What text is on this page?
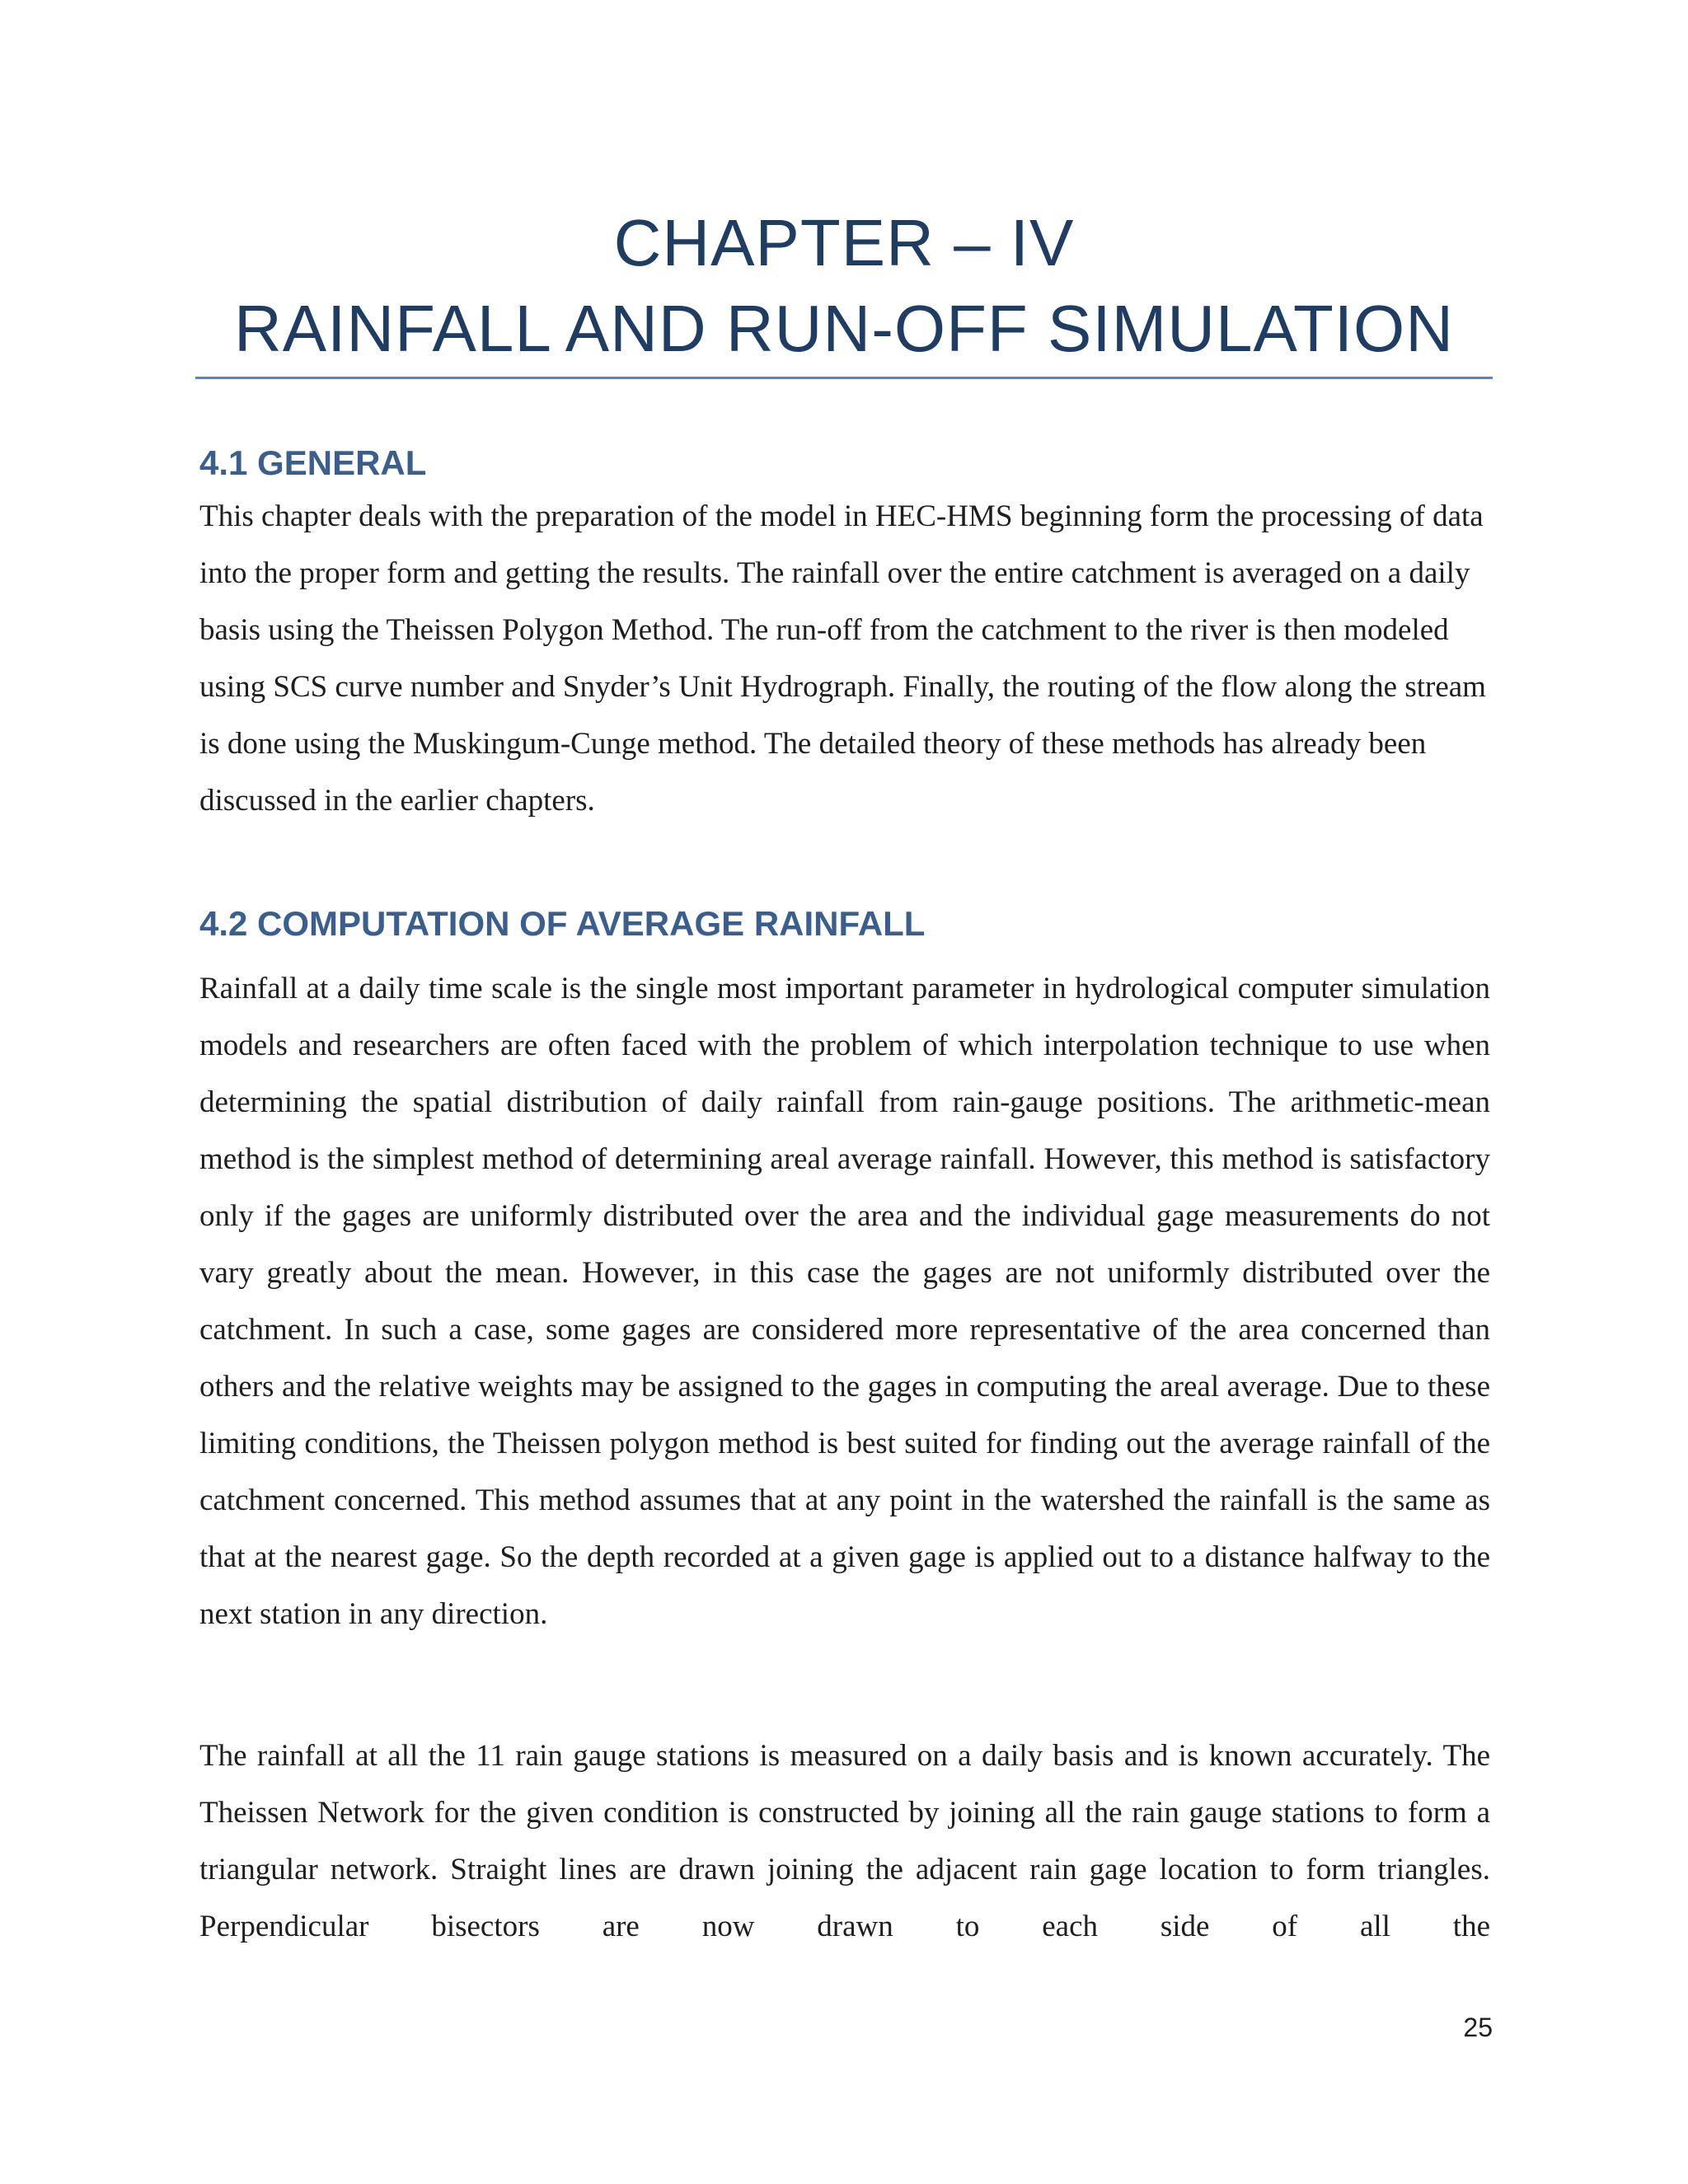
CHAPTER – IV
RAINFALL AND RUN-OFF SIMULATION
4.1 GENERAL

This chapter deals with the preparation of the model in HEC-HMS beginning form the processing of data into the proper form and getting the results. The rainfall over the entire catchment is averaged on a daily basis using the Theissen Polygon Method. The run-off from the catchment to the river is then modeled using SCS curve number and Snyder’s Unit Hydrograph. Finally, the routing of the flow along the stream is done using the Muskingum-Cunge method. The detailed theory of these methods has already been discussed in the earlier chapters.

4.2 COMPUTATION OF AVERAGE RAINFALL

Rainfall at a daily time scale is the single most important parameter in hydrological computer simulation models and researchers are often faced with the problem of which interpolation technique to use when determining the spatial distribution of daily rainfall from rain-gauge positions. The arithmetic-mean method is the simplest method of determining areal average rainfall. However, this method is satisfactory only if the gages are uniformly distributed over the area and the individual gage measurements do not vary greatly about the mean. However, in this case the gages are not uniformly distributed over the catchment. In such a case, some gages are considered more representative of the area concerned than others and the relative weights may be assigned to the gages in computing the areal average. Due to these limiting conditions, the Theissen polygon method is best suited for finding out the average rainfall of the catchment concerned. This method assumes that at any point in the watershed the rainfall is the same as that at the nearest gage. So the depth recorded at a given gage is applied out to a distance halfway to the next station in any direction.

The rainfall at all the 11 rain gauge stations is measured on a daily basis and is known accurately. The Theissen Network for the given condition is constructed by joining all the rain gauge stations to form a triangular network. Straight lines are drawn joining the adjacent rain gage location to form triangles. Perpendicular bisectors are now drawn to each side of all the

25
